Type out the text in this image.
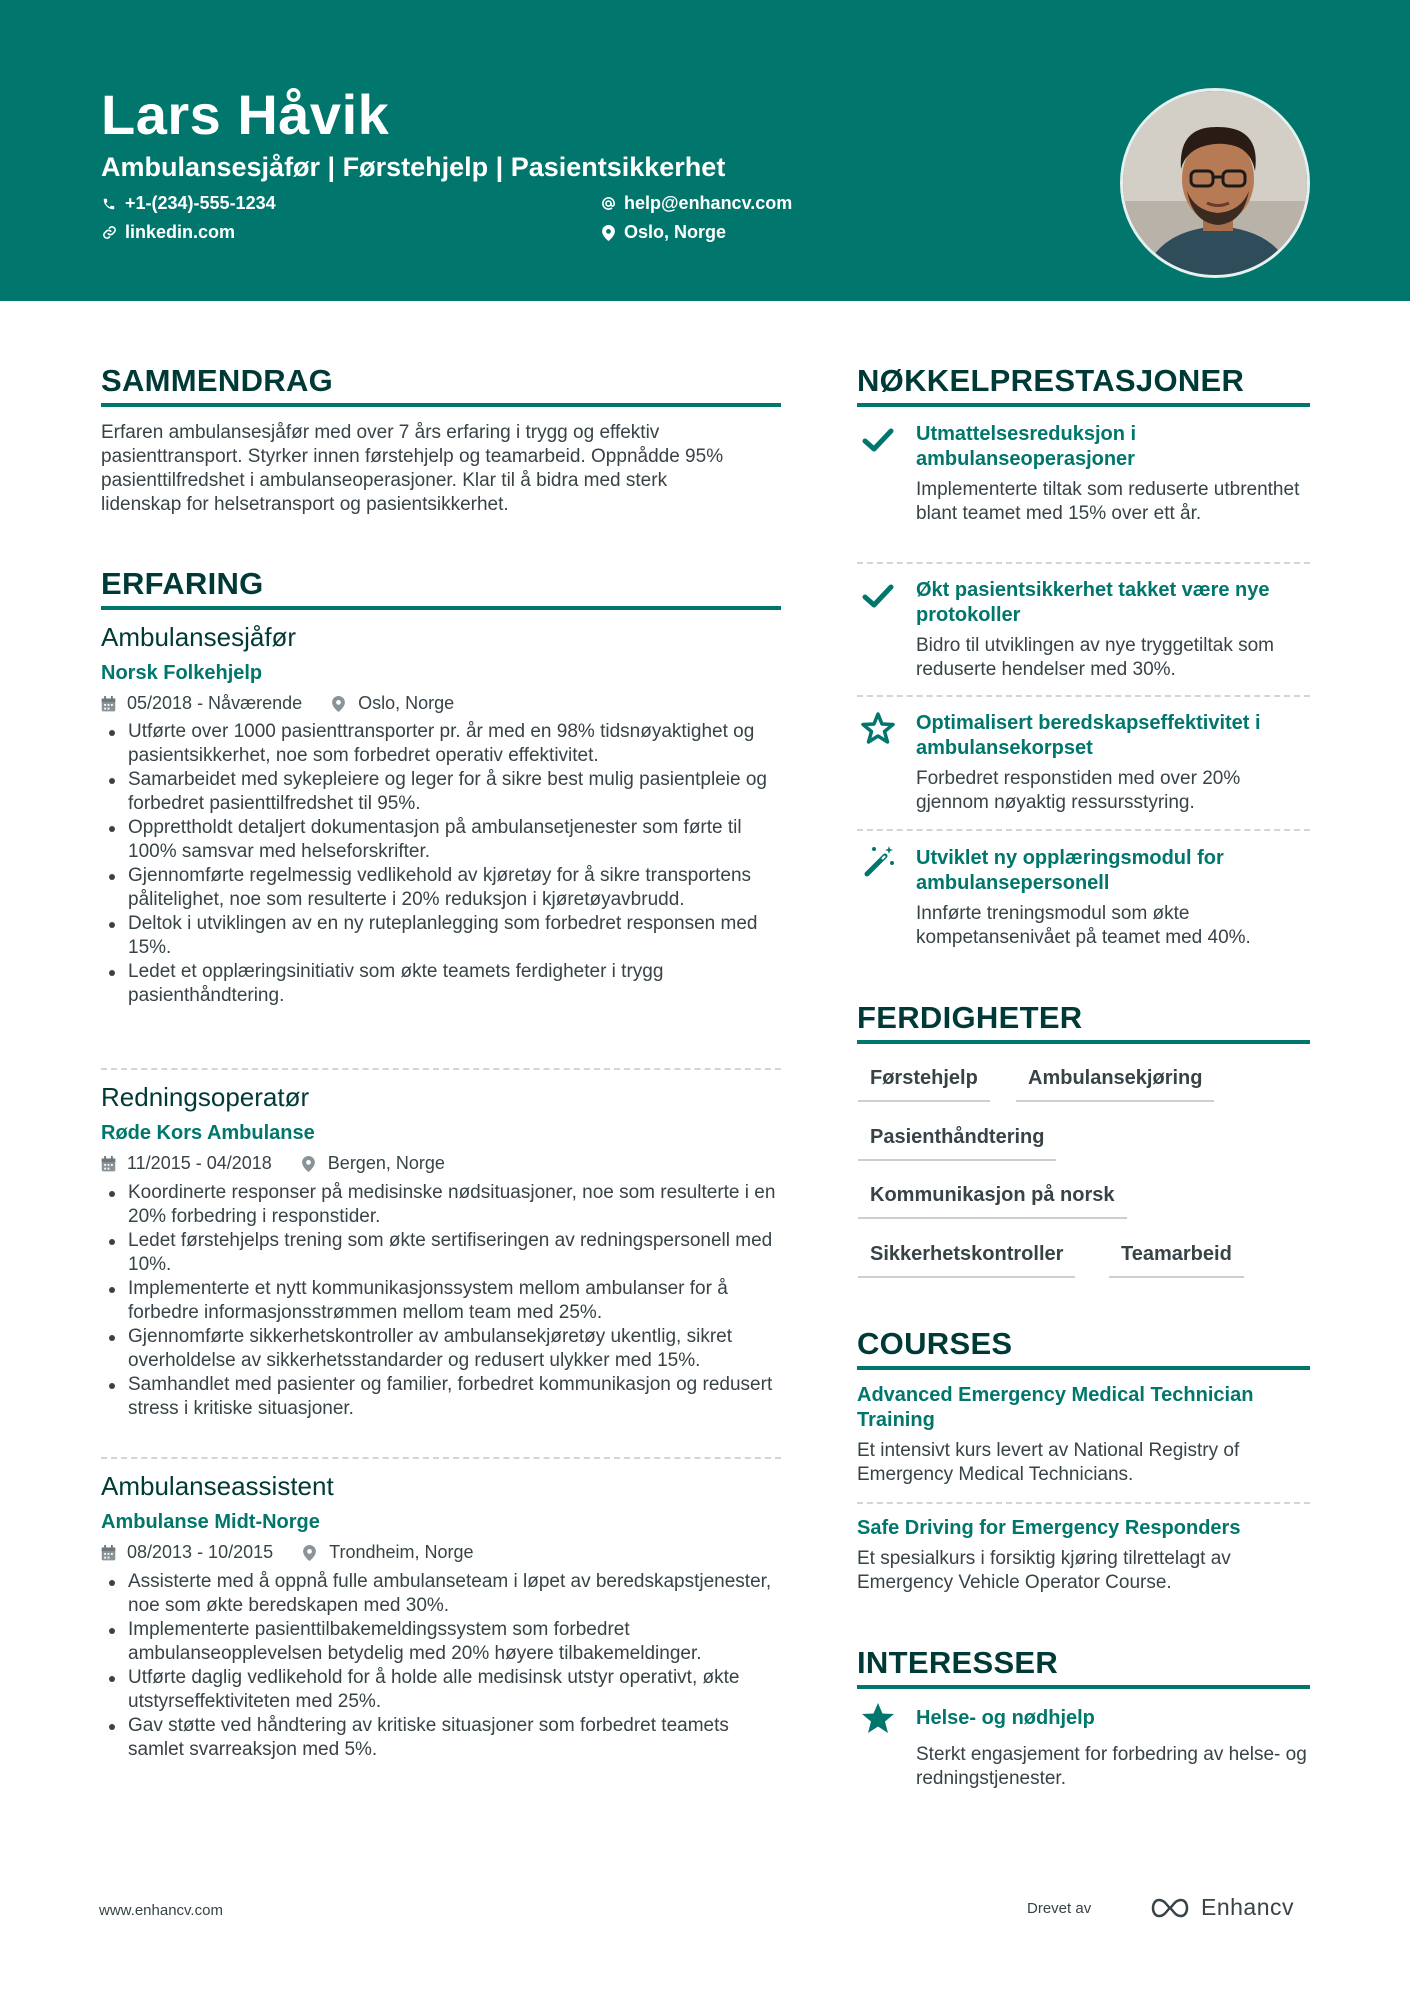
Lars Håvik
Ambulansesjåfør | Førstehjelp | Pasientsikkerhet
+1-(234)-555-1234
linkedin.com
help@enhancv.com
Oslo, Norge
SAMMENDRAG
Erfaren ambulansesjåfør med over 7 års erfaring i trygg og effektiv pasienttransport. Styrker innen førstehjelp og teamarbeid. Oppnådde 95% pasienttilfredshet i ambulanseoperasjoner. Klar til å bidra med sterk lidenskap for helsetransport og pasientsikkerhet.
ERFARING
Ambulansesjåfør
Norsk Folkehjelp
05/2018 - Nåværende	Oslo, Norge
Utførte over 1000 pasienttransporter pr. år med en 98% tidsnøyaktighet og pasientsikkerhet, noe som forbedret operativ effektivitet.
Samarbeidet med sykepleiere og leger for å sikre best mulig pasientpleie og forbedret pasienttilfredshet til 95%.
Opprettholdt detaljert dokumentasjon på ambulansetjenester som førte til 100% samsvar med helseforskrifter.
Gjennomførte regelmessig vedlikehold av kjøretøy for å sikre transportens pålitelighet, noe som resulterte i 20% reduksjon i kjøretøyavbrudd.
Deltok i utviklingen av en ny ruteplanlegging som forbedret responsen med 15%.
Ledet et opplæringsinitiativ som økte teamets ferdigheter i trygg pasienthåndtering.
Redningsoperatør
Røde Kors Ambulanse
11/2015 - 04/2018	Bergen, Norge
Koordinerte responser på medisinske nødsituasjoner, noe som resulterte i en 20% forbedring i responstider.
Ledet førstehjelps trening som økte sertifiseringen av redningspersonell med 10%.
Implementerte et nytt kommunikasjonssystem mellom ambulanser for å forbedre informasjonsstrømmen mellom team med 25%.
Gjennomførte sikkerhetskontroller av ambulansekjøretøy ukentlig, sikret overholdelse av sikkerhetsstandarder og redusert ulykker med 15%.
Samhandlet med pasienter og familier, forbedret kommunikasjon og redusert stress i kritiske situasjoner.
Ambulanseassistent
Ambulanse Midt-Norge
08/2013 - 10/2015	Trondheim, Norge
Assisterte med å oppnå fulle ambulanseteam i løpet av beredskapstjenester, noe som økte beredskapen med 30%.
Implementerte pasienttilbakemeldingssystem som forbedret ambulanseopplevelsen betydelig med 20% høyere tilbakemeldinger.
Utførte daglig vedlikehold for å holde alle medisinsk utstyr operativt, økte utstyrseffektiviteten med 25%.
Gav støtte ved håndtering av kritiske situasjoner som forbedret teamets samlet svarreaksjon med 5%.
NØKKELPRESTASJONER
Utmattelsesreduksjon i ambulanseoperasjoner
Implementerte tiltak som reduserte utbrenthet blant teamet med 15% over ett år.
Økt pasientsikkerhet takket være nye protokoller
Bidro til utviklingen av nye tryggetiltak som reduserte hendelser med 30%.
Optimalisert beredskapseffektivitet i ambulansekorpset
Forbedret responstiden med over 20% gjennom nøyaktig ressursstyring.
Utviklet ny opplæringsmodul for ambulansepersonell
Innførte treningsmodul som økte kompetansenivået på teamet med 40%.
FERDIGHETER
Førstehjelp	Ambulansekjøring
Pasienthåndtering
Kommunikasjon på norsk
Sikkerhetskontroller	Teamarbeid
COURSES
Advanced Emergency Medical Technician Training
Et intensivt kurs levert av National Registry of Emergency Medical Technicians.
Safe Driving for Emergency Responders
Et spesialkurs i forsiktig kjøring tilrettelagt av Emergency Vehicle Operator Course.
INTERESSER
Helse- og nødhjelp
Sterkt engasjement for forbedring av helse- og redningstjenester.
www.enhancv.com	Drevet av	Enhancv
